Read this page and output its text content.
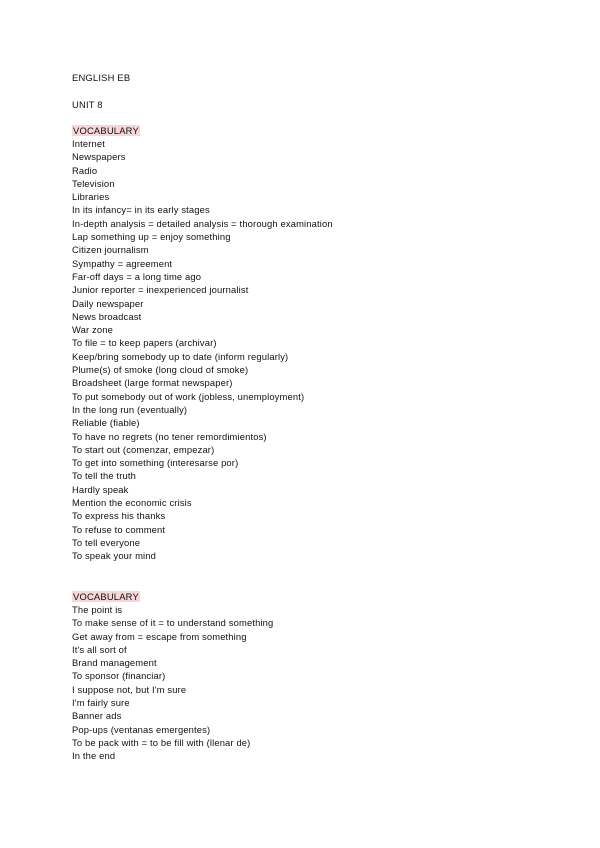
ENGLISH EB
UNIT 8
VOCABULARY
Internet
Newspapers
Radio
Television
Libraries
In its infancy= in its early stages
In-depth analysis = detailed analysis = thorough examination
Lap something up = enjoy something
Citizen journalism
Sympathy = agreement
Far-off days = a long time ago
Junior reporter = inexperienced journalist
Daily newspaper
News broadcast
War zone
To file = to keep papers (archivar)
Keep/bring somebody up to date (inform regularly)
Plume(s) of smoke (long cloud of smoke)
Broadsheet (large format newspaper)
To put somebody out of work (jobless, unemployment)
In the long run (eventually)
Reliable (fiable)
To have no regrets (no tener remordimientos)
To start out (comenzar, empezar)
To get into something (interesarse por)
To tell the truth
Hardly speak
Mention the economic crisis
To express his thanks
To refuse to comment
To tell everyone
To speak your mind
VOCABULARY
The point is
To make sense of it = to understand something
Get away from = escape from something
It's all sort of
Brand management
To sponsor (financiar)
I suppose not, but I'm sure
I'm fairly sure
Banner ads
Pop-ups (ventanas emergentes)
To be pack with = to be fill with (llenar de)
In the end
